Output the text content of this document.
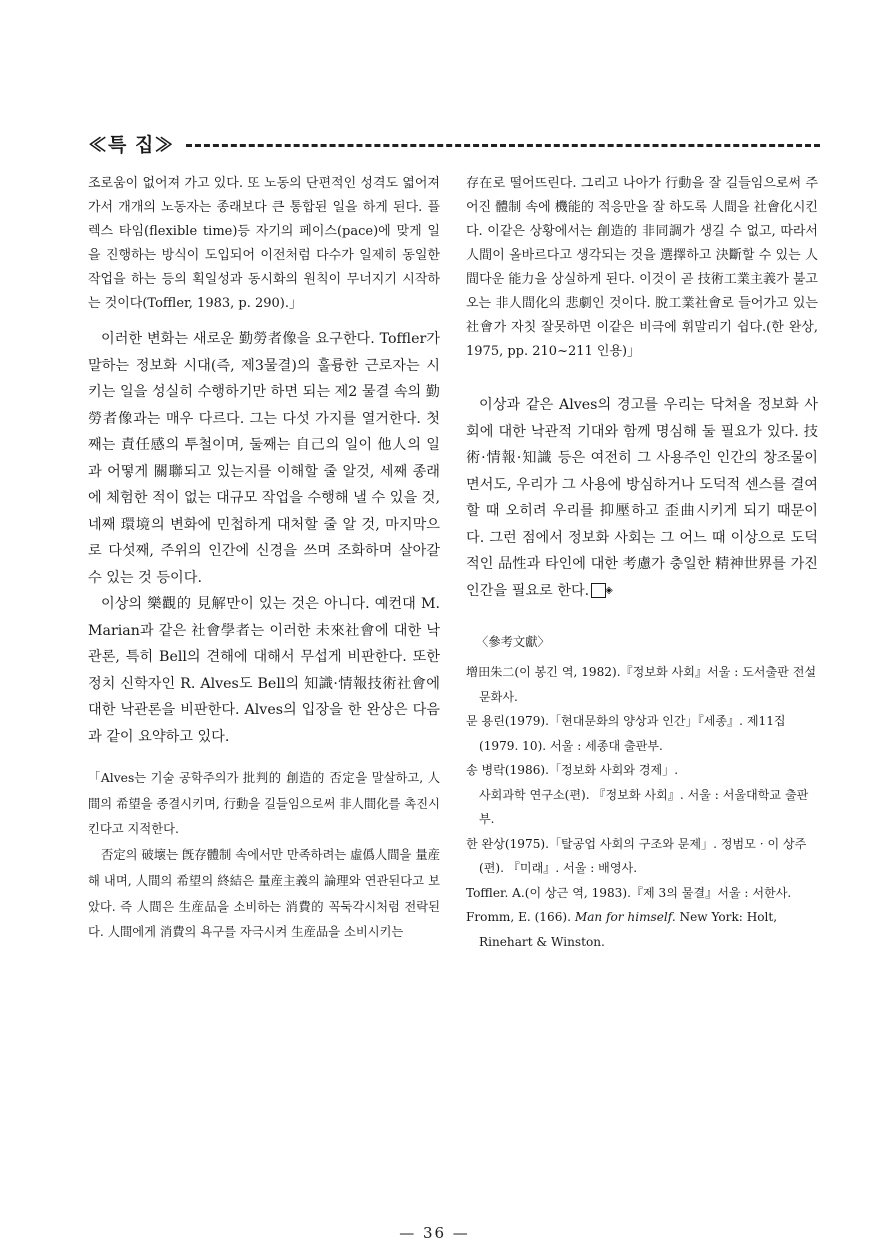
≪특 집≫

조로움이 없어져 가고 있다. 또 노동의 단편적인 성격도 엷어져 가서 개개의 노동자는 종래보다 큰 통합된 일을 하게 된다. 플렉스 타임(flexible time)등 자기의 페이스(pace)에 맞게 일을 진행하는 방식이 도입되어 이전처럼 다수가 일제히 동일한 작업을 하는 등의 획일성과 동시화의 원칙이 무너지기 시작하는 것이다(Toffler, 1983, p. 290).」

이러한 변화는 새로운 勤勞者像을 요구한다. Toffler가 말하는 정보화 시대(즉, 제3물결)의 훌륭한 근로자는 시키는 일을 성실히 수행하기만 하면 되는 제2 물결 속의 勤勞者像과는 매우 다르다. 그는 다섯 가지를 열거한다. 첫째는 責任感의 투철이며, 둘째는 自己의 일이 他人의 일과 어떻게 關聯되고 있는지를 이해할 줄 알것, 세째 종래에 체험한 적이 없는 대규모 작업을 수행해 낼 수 있을 것, 네째 環境의 변화에 민첩하게 대처할 줄 알 것, 마지막으로 다섯째, 주위의 인간에 신경을 쓰며 조화하며 살아갈 수 있는 것 등이다.

이상의 樂觀的 見解만이 있는 것은 아니다. 예컨대 M. Marian과 같은 社會學者는 이러한 未來社會에 대한 낙관론, 특히 Bell의 견해에 대해서 무섭게 비판한다. 또한 정치 신학자인 R. Alves도 Bell의 知識·情報技術社會에 대한 낙관론을 비판한다. Alves의 입장을 한 완상은 다음과 같이 요약하고 있다.

「Alves는 기술 공학주의가 批判的 創造的 否定을 말살하고, 人間의 希望을 종결시키며, 行動을 길들임으로써 非人間化를 촉진시킨다고 지적한다.

否定의 破壞는 旣存體制 속에서만 만족하려는 虛僞人間을 量産해 내며, 人間의 希望의 終結은 量産主義의 論理와 연관된다고 보았다. 즉 人間은 生産品을 소비하는 消費的 꼭둑각시처럼 전락된다. 人間에게 消費의 욕구를 자극시켜 生産品을 소비시키는

存在로 떨어뜨린다. 그리고 나아가 行動을 잘 길들임으로써 주어진 體制 속에 機能的 적응만을 잘 하도록 人間을 社會化시킨다. 이같은 상황에서는 創造的 非同調가 생길 수 없고, 따라서 人間이 올바르다고 생각되는 것을 選擇하고 決斷할 수 있는 人間다운 能力을 상실하게 된다. 이것이 곧 技術工業主義가 불고 오는 非人間化의 悲劇인 것이다. 脫工業社會로 들어가고 있는 社會가 자칫 잘못하면 이같은 비극에 휘말리기 쉽다.(한 완상, 1975, pp. 210~211 인용)」

이상과 같은 Alves의 경고를 우리는 닥쳐올 정보화 사회에 대한 낙관적 기대와 함께 명심해 둘 필요가 있다. 技術·情報·知識 등은 여전히 그 사용주인 인간의 창조물이면서도, 우리가 그 사용에 방심하거나 도덕적 센스를 결여할 때 오히려 우리를 抑壓하고 歪曲시키게 되기 때문이다. 그런 점에서 정보화 사회는 그 어느 때 이상으로 도덕적인 品性과 타인에 대한 考慮가 충일한 精神世界를 가진 인간을 필요로 한다. ◈

〈參考文獻〉

增田朱二(이 봉긴 역, 1982).『정보화 사회』서울 : 도서출판 전설문화사.

문 용린(1979).「현대문화의 양상과 인간」『세종』. 제11집(1979. 10). 서울 : 세종대 출판부.

송 병락(1986).「정보화 사회와 경제」.

사회과학 연구소(편). 『정보화 사회』. 서울 : 서울대학교 출판부.

한 완상(1975).「탈공업 사회의 구조와 문제」. 정범모 · 이 상주(편). 『미래』. 서울 : 배영사.

Toffler. A.(이 상근 역, 1983).『제 3의 물결』서울 : 서한사.

Fromm, E. (166). Man for himself. New York: Holt, Rinehart & Winston.

— 36 —
